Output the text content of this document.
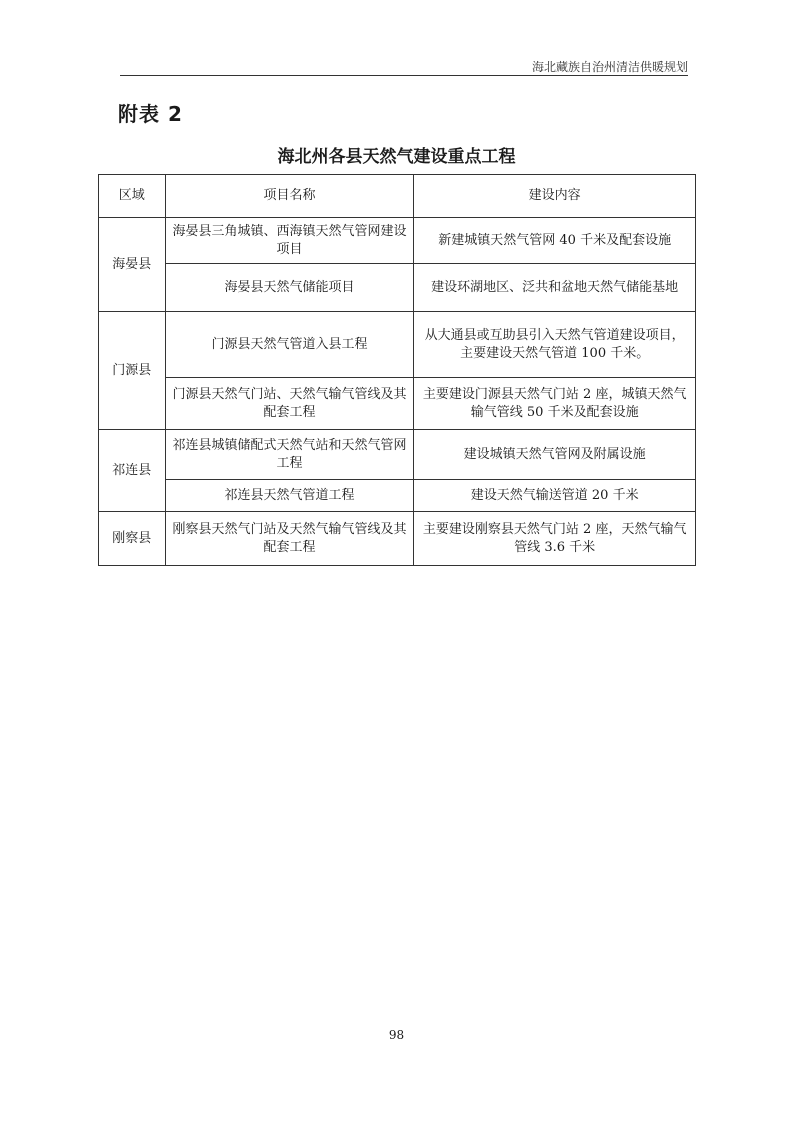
海北藏族自治州清洁供暖规划
附表 2
海北州各县天然气建设重点工程
区域	项目名称	建设内容
海晏县	海晏县三角城镇、西海镇天然气管网建设项目	新建城镇天然气管网 40 千米及配套设施
	海晏县天然气储能项目	建设环湖地区、泛共和盆地天然气储能基地
门源县	门源县天然气管道入县工程	从大通县或互助县引入天然气管道建设项目，主要建设天然气管道 100 千米。
	门源县天然气门站、天然气输气管线及其配套工程	主要建设门源县天然气门站 2 座，城镇天然气输气管线 50 千米及配套设施
祁连县	祁连县城镇储配式天然气站和天然气管网工程	建设城镇天然气管网及附属设施
	祁连县天然气管道工程	建设天然气输送管道 20 千米
刚察县	刚察县天然气门站及天然气输气管线及其配套工程	主要建设刚察县天然气门站 2 座，天然气输气管线 3.6 千米
98
